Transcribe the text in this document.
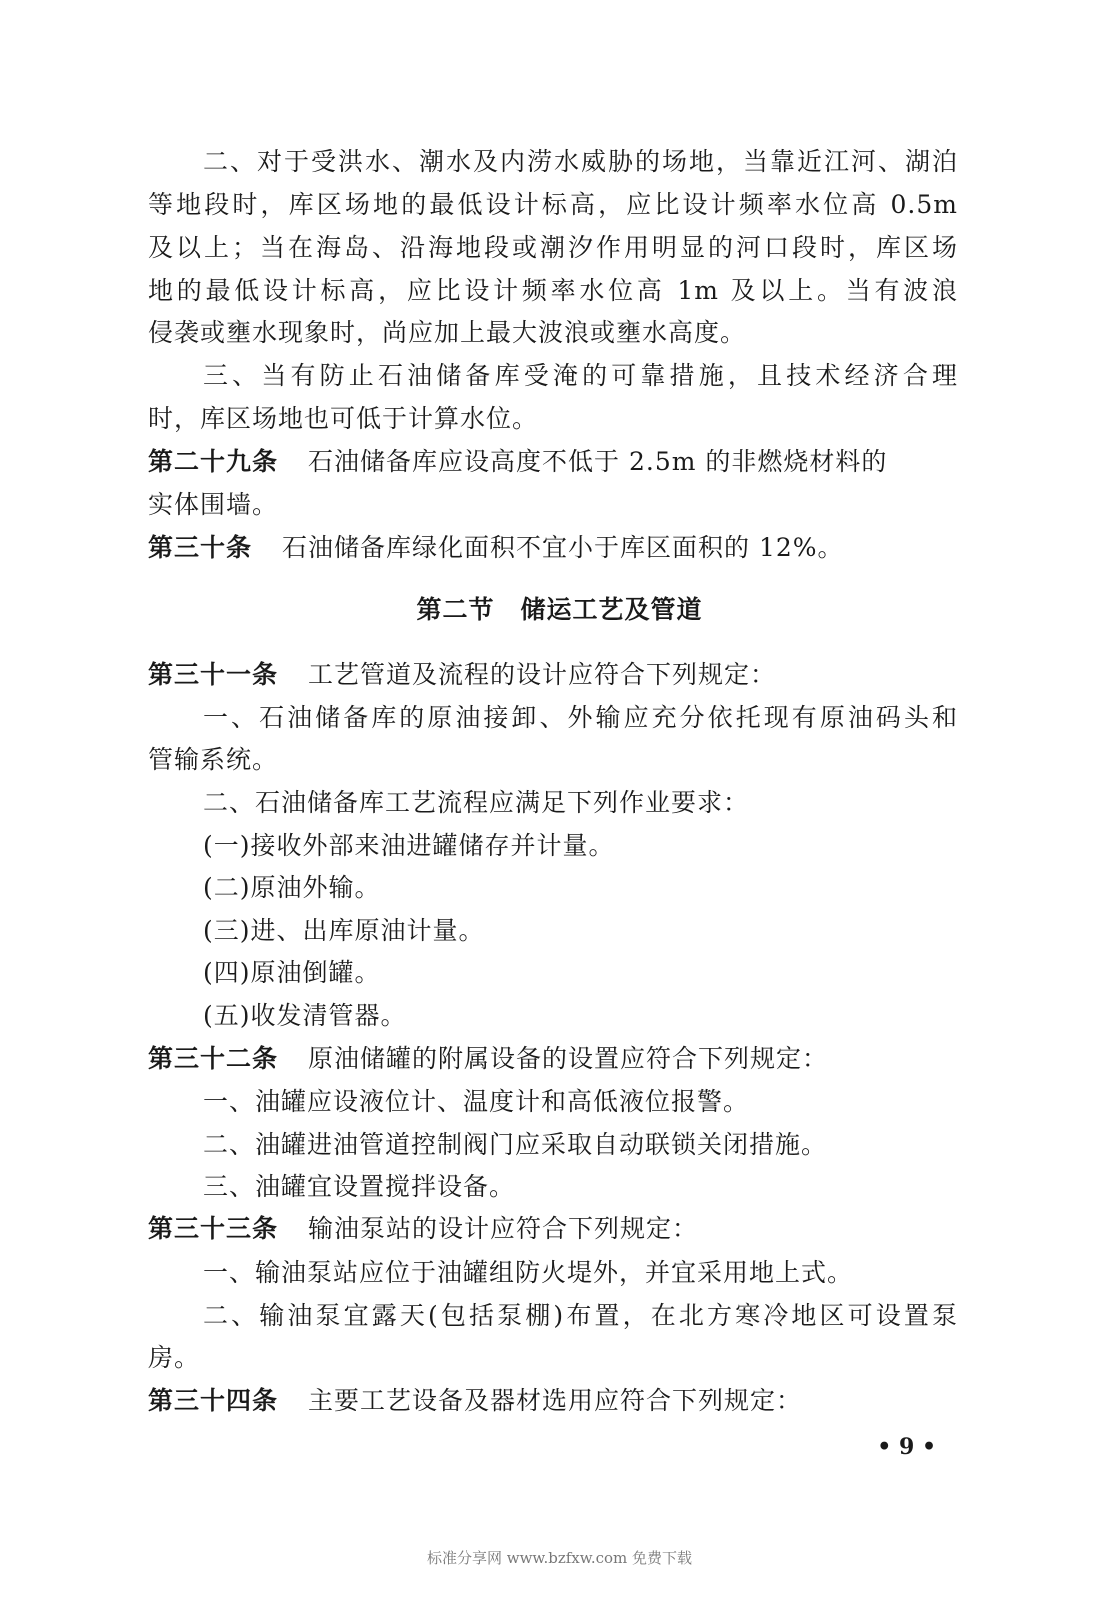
二、对于受洪水、潮水及内涝水威胁的场地，当靠近江河、湖泊
等地段时，库区场地的最低设计标高，应比设计频率水位高 0.5m
及以上；当在海岛、沿海地段或潮汐作用明显的河口段时，库区场
地的最低设计标高，应比设计频率水位高 1m 及以上。当有波浪
侵袭或壅水现象时，尚应加上最大波浪或壅水高度。
三、当有防止石油储备库受淹的可靠措施，且技术经济合理
时，库区场地也可低于计算水位。
第二十九条 石油储备库应设高度不低于 2.5m 的非燃烧材料的
实体围墙。
第三十条 石油储备库绿化面积不宜小于库区面积的 12%。
第二节　储运工艺及管道
第三十一条 工艺管道及流程的设计应符合下列规定：
一、石油储备库的原油接卸、外输应充分依托现有原油码头和
管输系统。
二、石油储备库工艺流程应满足下列作业要求：
(一)接收外部来油进罐储存并计量。
(二)原油外输。
(三)进、出库原油计量。
(四)原油倒罐。
(五)收发清管器。
第三十二条 原油储罐的附属设备的设置应符合下列规定：
一、油罐应设液位计、温度计和高低液位报警。
二、油罐进油管道控制阀门应采取自动联锁关闭措施。
三、油罐宜设置搅拌设备。
第三十三条 输油泵站的设计应符合下列规定：
一、输油泵站应位于油罐组防火堤外，并宜采用地上式。
二、输油泵宜露天(包括泵棚)布置，在北方寒冷地区可设置泵
房。
第三十四条 主要工艺设备及器材选用应符合下列规定：
• 9 •
标准分享网 www.bzfxw.com 免费下载
